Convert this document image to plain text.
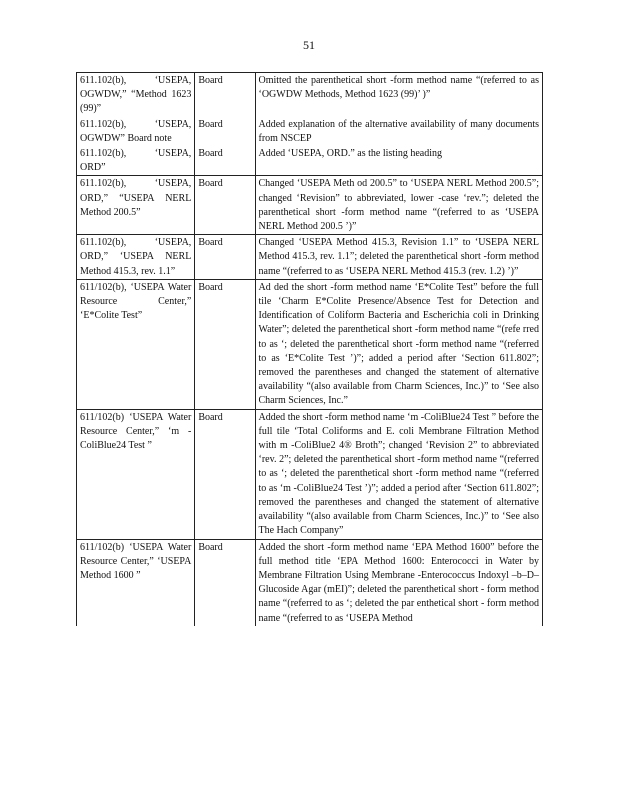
51
611.102(b), ‘USEPA, OGWDW,” “Method 1623 (99)”	Board	Omitted the parenthetical short -form method name “(referred to as ‘OGWDW Methods, Method 1623 (99)’ )”
611.102(b), ‘USEPA, OGWDW” Board note	Board	Added explanation of the alternative availability of many documents from NSCEP
611.102(b), ‘USEPA, ORD”	Board	Added ‘USEPA, ORD.” as the listing heading
611.102(b), ‘USEPA, ORD,” “USEPA NERL Method 200.5”	Board	Changed ‘USEPA Meth od 200.5” to ‘USEPA NERL Method 200.5”; changed ‘Revision” to abbreviated, lower -case ‘rev.”; deleted the parenthetical short -form method name “(referred to as ‘USEPA NERL Method 200.5 ’)”
611.102(b), ‘USEPA, ORD,” ‘USEPA NERL Method 415.3, rev. 1.1”	Board	Changed ‘USEPA Method 415.3, Revision 1.1” to ‘USEPA NERL Method 415.3, rev. 1.1”; deleted the parenthetical short -form method name “(referred to as ‘USEPA NERL Method 415.3 (rev. 1.2) ’)”
611/102(b), ‘USEPA Water Resource Center,” ‘E*Colite Test”	Board	Ad ded the short -form method name ‘E*Colite Test” before the full tile ‘Charm E*Colite Presence/Absence Test for Detection and Identification of Coliform Bacteria and Escherichia coli in Drinking Water”; deleted the parenthetical short -form method name “(refe rred to as ‘; deleted the parenthetical short -form method name “(referred to as ‘E*Colite Test ’)”; added a period after ‘Section 611.802”; removed the parentheses and changed the statement of alternative availability “(also available from Charm Sciences, Inc.)” to ‘See also Charm Sciences, Inc.”
611/102(b) ‘USEPA Water Resource Center,” ‘m -ColiBlue24 Test ”	Board	Added the short -form method name ‘m -ColiBlue24 Test ” before the full tile ‘Total Coliforms and E. coli Membrane Filtration Method with m -ColiBlue2 4® Broth”; changed ‘Revision 2” to abbreviated ‘rev. 2”; deleted the parenthetical short -form method name “(referred to as ‘; deleted the parenthetical short -form method name “(referred to as ‘m -ColiBlue24 Test ’)”; added a period after ‘Section 611.802”; removed the parentheses and changed the statement of alternative availability “(also available from Charm Sciences, Inc.)” to ‘See also The Hach Company”
611/102(b) ‘USEPA Water Resource Center,” ‘USEPA Method 1600 ”	Board	Added the short -form method name ‘EPA Method 1600” before the full method title ‘EPA Method 1600: Enterococci in Water by Membrane Filtration Using Membrane -Enterococcus Indoxyl –b–D–Glucoside Agar (mEI)”; deleted the parenthetical short - form method name “(referred to as ‘; deleted the par enthetical short - form method name “(referred to as ‘USEPA Method
